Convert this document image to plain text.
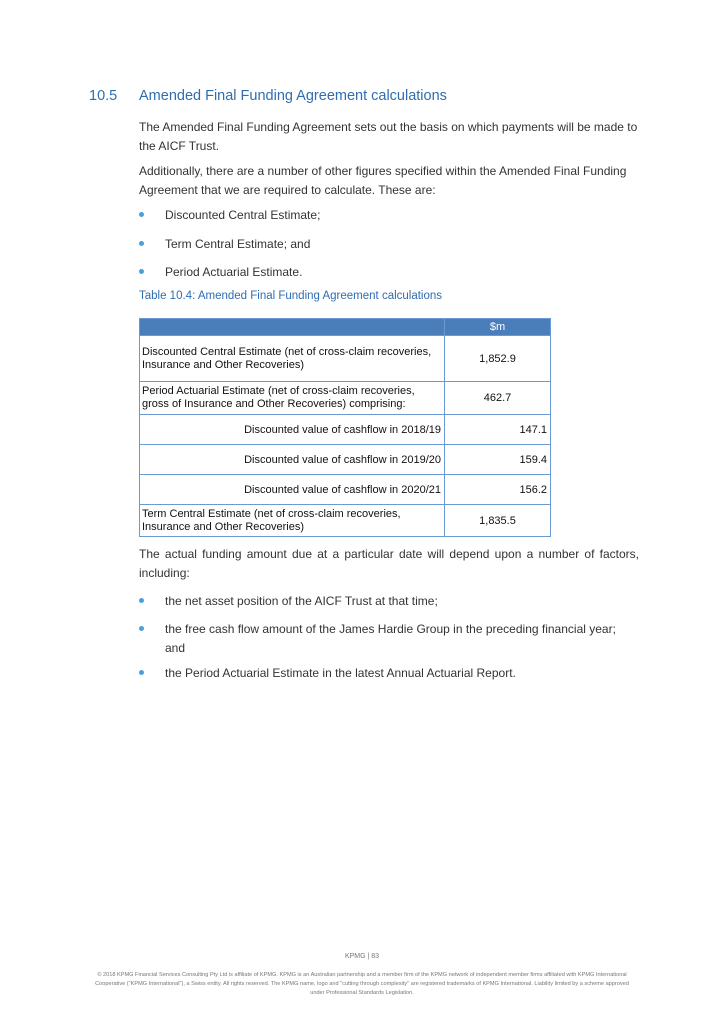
10.5 Amended Final Funding Agreement calculations
The Amended Final Funding Agreement sets out the basis on which payments will be made to the AICF Trust.
Additionally, there are a number of other figures specified within the Amended Final Funding Agreement that we are required to calculate. These are:
Discounted Central Estimate;
Term Central Estimate; and
Period Actuarial Estimate.
Table 10.4: Amended Final Funding Agreement calculations
	$m
Discounted Central Estimate (net of cross-claim recoveries, Insurance and Other Recoveries)	1,852.9
Period Actuarial Estimate (net of cross-claim recoveries, gross of Insurance and Other Recoveries) comprising:	462.7
Discounted value of cashflow in 2018/19	147.1
Discounted value of cashflow in 2019/20	159.4
Discounted value of cashflow in 2020/21	156.2
Term Central Estimate (net of cross-claim recoveries, Insurance and Other Recoveries)	1,835.5
The actual funding amount due at a particular date will depend upon a number of factors, including:
the net asset position of the AICF Trust at that time;
the free cash flow amount of the James Hardie Group in the preceding financial year; and
the Period Actuarial Estimate in the latest Annual Actuarial Report.
KPMG | 83
© 2018 KPMG Financial Services Consulting Pty Ltd is affiliate of KPMG. KPMG is an Australian partnership and a member firm of the KPMG network of independent member firms affiliated with KPMG International Cooperative ("KPMG International"), a Swiss entity. All rights reserved. The KPMG name, logo and "cutting through complexity" are registered trademarks of KPMG International. Liability limited by a scheme approved under Professional Standards Legislation.
